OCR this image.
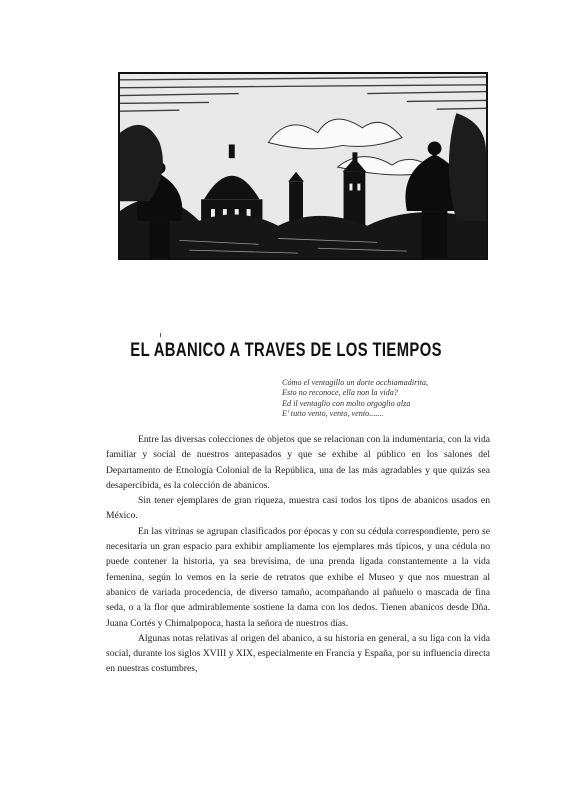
EL ABANICO A TRAVES DE LOS TIEMPOS
Cómo el ventagillo un dorte occhiamadirita,
Esto no reconoce, ella non la vida?
Ed il ventaglio con molto orgoglio alza
E' tutto vento, vento, vento.......

Entre las diversas colecciones de objetos que se relacionan con la indumentaria, con la vida familiar y social de nuestros antepasados y que se exhibe al público en los salones del Departamento de Etnología Colonial de la República, una de las más agradables y que quizás sea desapercibida, es la colección de abanicos.

Sin tener ejemplares de gran riqueza, muestra casi todos los tipos de abanicos usados en México.

En las vitrinas se agrupan clasificados por épocas y con su cédula correspondiente, pero se necesitaría un gran espacio para exhibir ampliamente los ejemplares más típicos, y una cédula no puede contener la historia, ya sea brevísima, de una prenda ligada constantemente a la vida femenina, según lo vemos en la serie de retratos que exhibe el Museo y que nos muestran al abanico de variada procedencia, de diverso tamaño, acompañando al pañuelo o mascada de fina seda, o a la flor que admirablemente sostiene la dama con los dedos. Tienen abanicos desde Dña. Juana Cortés y Chimalpopoca, hasta la señora de nuestros días.

Algunas notas relativas al origen del abanico, a su historia en general, a su liga con la vida social, durante los siglos XVIII y XIX, especialmente en Francia y España, por su influencia directa en nuestras costumbres,
